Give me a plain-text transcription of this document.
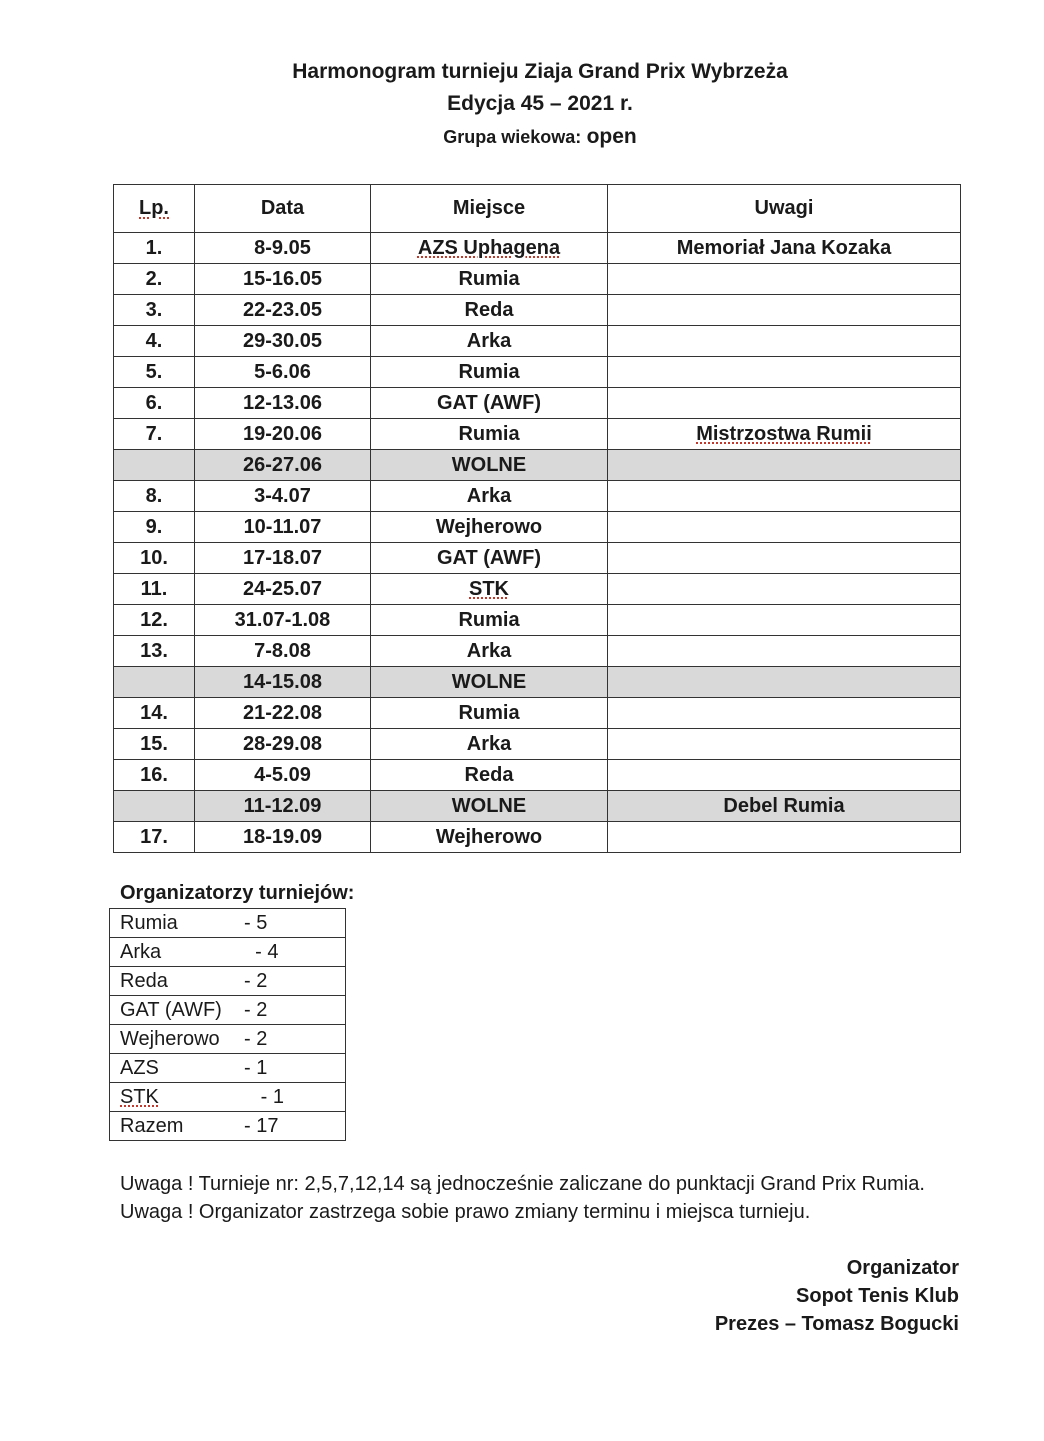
Harmonogram turnieju Ziaja Grand Prix Wybrzeża
Edycja 45 – 2021 r.
Grupa wiekowa: open
Lp.	Data	Miejsce	Uwagi
1.	8-9.05	AZS Uphagena	Memoriał Jana Kozaka
2.	15-16.05	Rumia	
3.	22-23.05	Reda	
4.	29-30.05	Arka	
5.	5-6.06	Rumia	
6.	12-13.06	GAT (AWF)	
7.	19-20.06	Rumia	Mistrzostwa Rumii
	26-27.06	WOLNE	
8.	3-4.07	Arka	
9.	10-11.07	Wejherowo	
10.	17-18.07	GAT (AWF)	
11.	24-25.07	STK	
12.	31.07-1.08	Rumia	
13.	7-8.08	Arka	
	14-15.08	WOLNE	
14.	21-22.08	Rumia	
15.	28-29.08	Arka	
16.	4-5.09	Reda	
	11-12.09	WOLNE	Debel Rumia
17.	18-19.09	Wejherowo	
Organizatorzy turniejów:
Rumia	- 5
Arka	- 4
Reda	- 2
GAT (AWF) - 2
Wejherowo - 2
AZS	- 1
STK	- 1
Razem	- 17
Uwaga ! Turnieje nr: 2,5,7,12,14 są jednocześnie zaliczane do punktacji Grand Prix Rumia.
Uwaga ! Organizator zastrzega sobie prawo zmiany terminu i miejsca turnieju.
Organizator
Sopot Tenis Klub
Prezes – Tomasz Bogucki
